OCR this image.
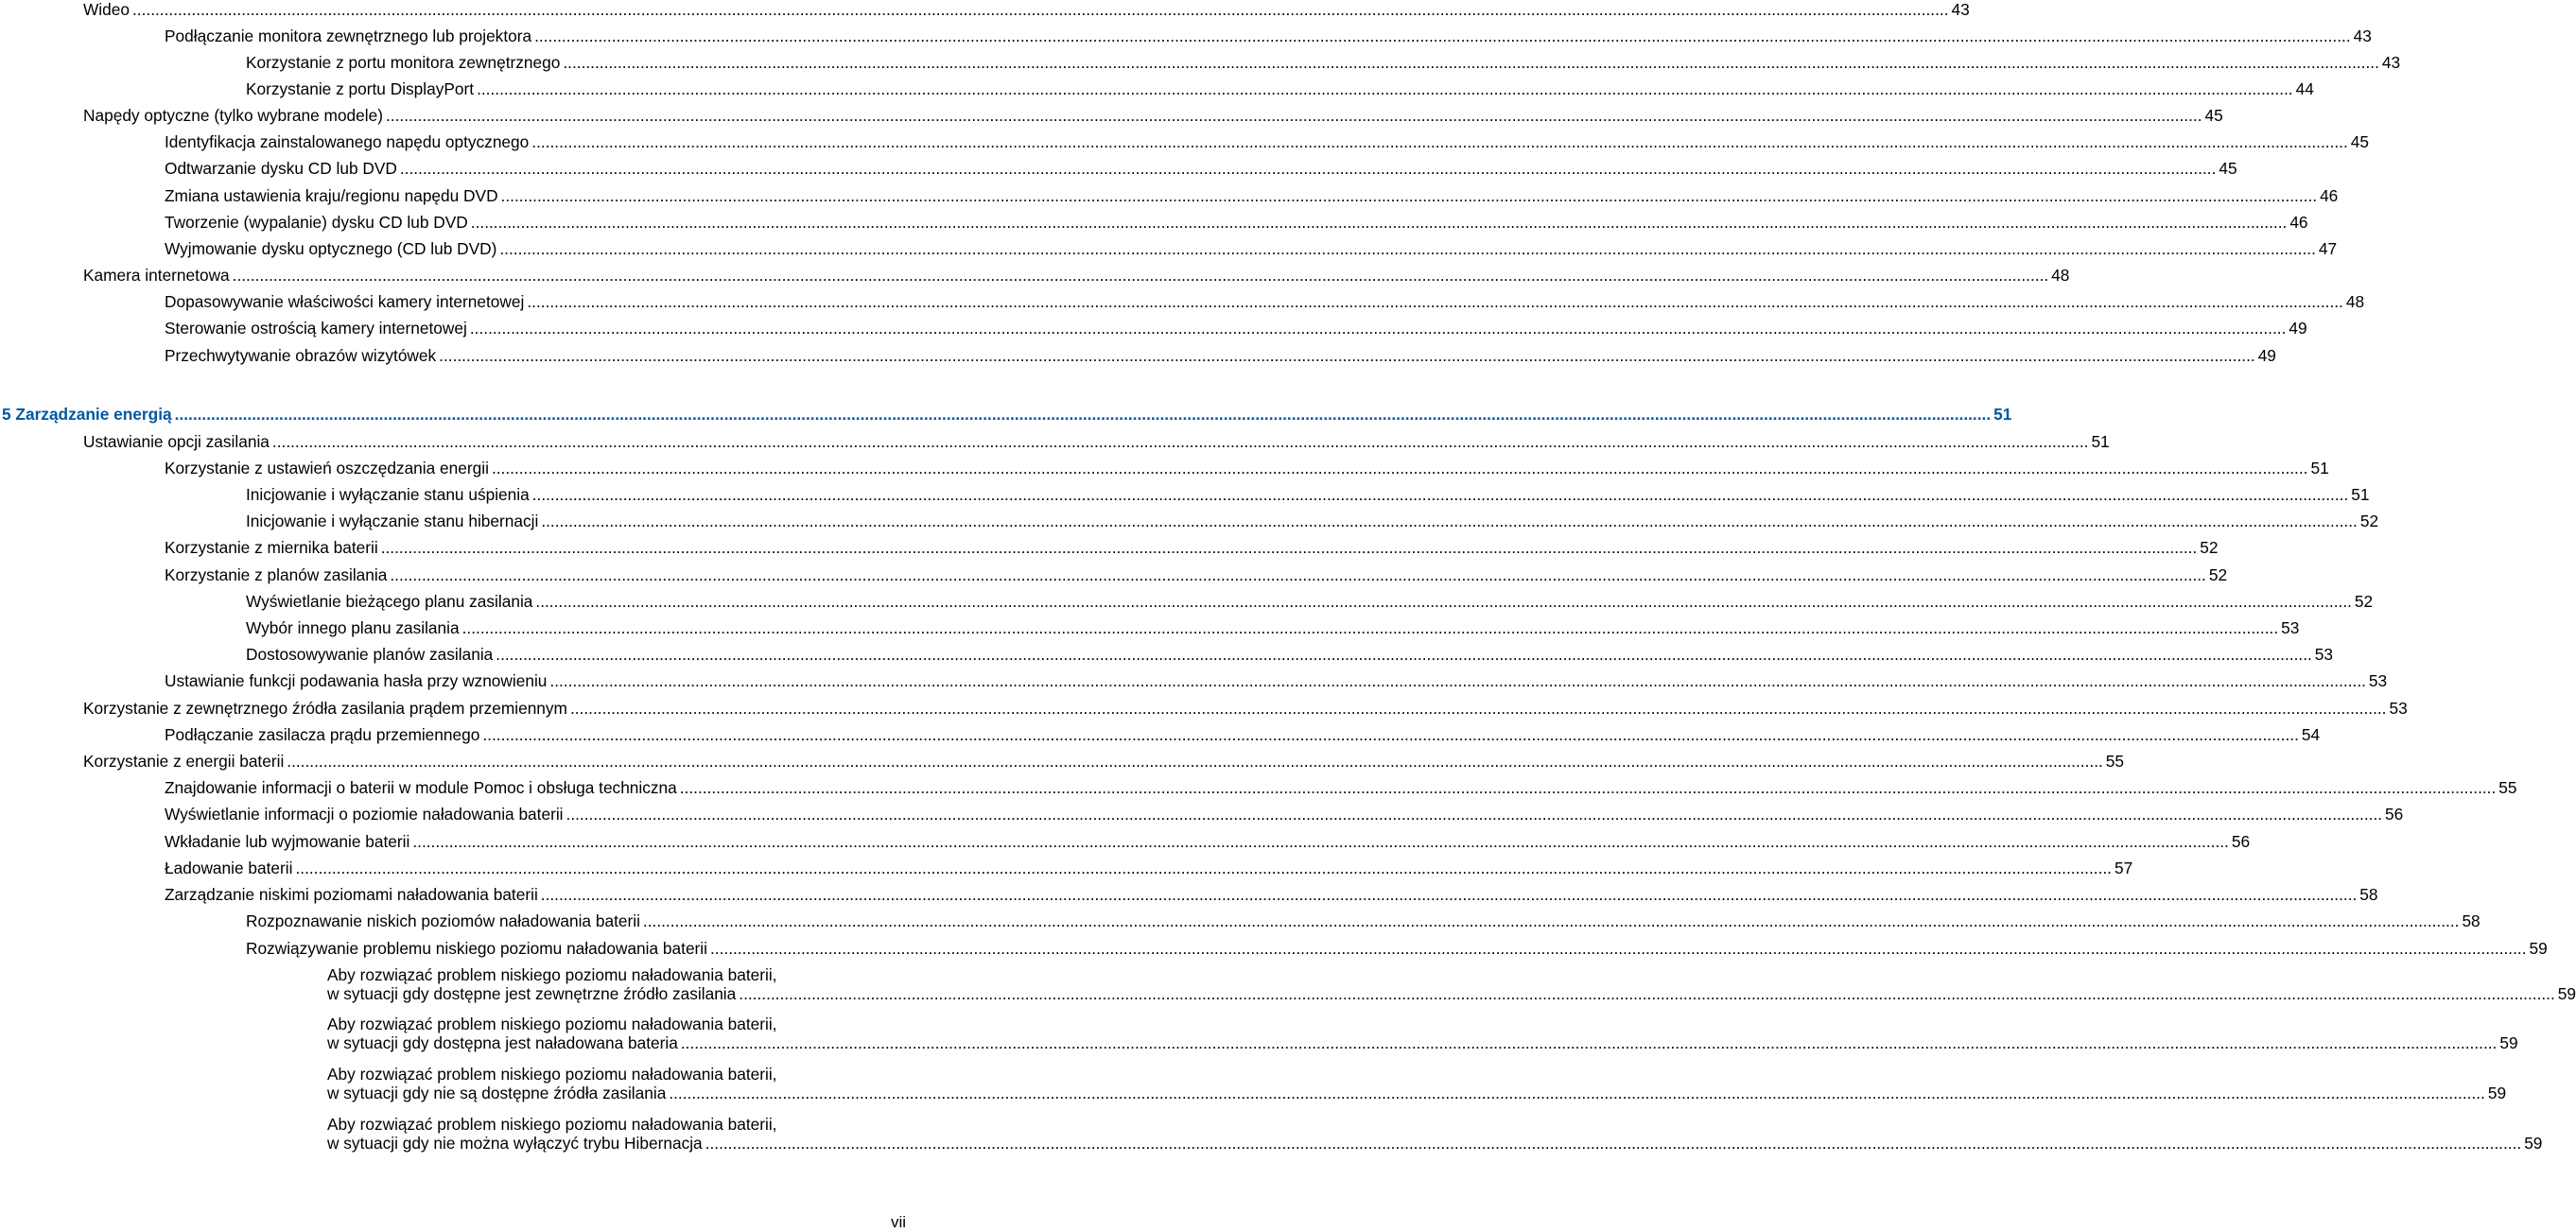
Wideo ................................................................................................................................................................................................................................................................................................................................................................................................................ 43
Podłączanie monitora zewnętrznego lub projektora ................................................................................................................................................................................................................................................................................................................................................................................................................ 43
Korzystanie z portu monitora zewnętrznego ................................................................................................................................................................................................................................................................................................................................................................................................................ 43
Korzystanie z portu DisplayPort ................................................................................................................................................................................................................................................................................................................................................................................................................ 44
Napędy optyczne (tylko wybrane modele) ................................................................................................................................................................................................................................................................................................................................................................................................................ 45
Identyfikacja zainstalowanego napędu optycznego ................................................................................................................................................................................................................................................................................................................................................................................................................ 45
Odtwarzanie dysku CD lub DVD ................................................................................................................................................................................................................................................................................................................................................................................................................ 45
Zmiana ustawienia kraju/regionu napędu DVD ................................................................................................................................................................................................................................................................................................................................................................................................................ 46
Tworzenie (wypalanie) dysku CD lub DVD ................................................................................................................................................................................................................................................................................................................................................................................................................ 46
Wyjmowanie dysku optycznego (CD lub DVD) ................................................................................................................................................................................................................................................................................................................................................................................................................ 47
Kamera internetowa ................................................................................................................................................................................................................................................................................................................................................................................................................ 48
Dopasowywanie właściwości kamery internetowej ................................................................................................................................................................................................................................................................................................................................................................................................................ 48
Sterowanie ostrością kamery internetowej ................................................................................................................................................................................................................................................................................................................................................................................................................ 49
Przechwytywanie obrazów wizytówek ................................................................................................................................................................................................................................................................................................................................................................................................................ 49
5 Zarządzanie energią ................................................................................................................................................................................................................................................................................................................................................................................................................ 51
Ustawianie opcji zasilania ................................................................................................................................................................................................................................................................................................................................................................................................................ 51
Korzystanie z ustawień oszczędzania energii ................................................................................................................................................................................................................................................................................................................................................................................................................ 51
Inicjowanie i wyłączanie stanu uśpienia ................................................................................................................................................................................................................................................................................................................................................................................................................ 51
Inicjowanie i wyłączanie stanu hibernacji ................................................................................................................................................................................................................................................................................................................................................................................................................ 52
Korzystanie z miernika baterii ................................................................................................................................................................................................................................................................................................................................................................................................................ 52
Korzystanie z planów zasilania ................................................................................................................................................................................................................................................................................................................................................................................................................ 52
Wyświetlanie bieżącego planu zasilania ................................................................................................................................................................................................................................................................................................................................................................................................................ 52
Wybór innego planu zasilania ................................................................................................................................................................................................................................................................................................................................................................................................................ 53
Dostosowywanie planów zasilania ................................................................................................................................................................................................................................................................................................................................................................................................................ 53
Ustawianie funkcji podawania hasła przy wznowieniu ................................................................................................................................................................................................................................................................................................................................................................................................................ 53
Korzystanie z zewnętrznego źródła zasilania prądem przemiennym ................................................................................................................................................................................................................................................................................................................................................................................................................ 53
Podłączanie zasilacza prądu przemiennego ................................................................................................................................................................................................................................................................................................................................................................................................................ 54
Korzystanie z energii baterii ................................................................................................................................................................................................................................................................................................................................................................................................................ 55
Znajdowanie informacji o baterii w module Pomoc i obsługa techniczna ................................................................................................................................................................................................................................................................................................................................................................................................................ 55
Wyświetlanie informacji o poziomie naładowania baterii ................................................................................................................................................................................................................................................................................................................................................................................................................ 56
Wkładanie lub wyjmowanie baterii ................................................................................................................................................................................................................................................................................................................................................................................................................ 56
Ładowanie baterii ................................................................................................................................................................................................................................................................................................................................................................................................................ 57
Zarządzanie niskimi poziomami naładowania baterii ................................................................................................................................................................................................................................................................................................................................................................................................................ 58
Rozpoznawanie niskich poziomów naładowania baterii ................................................................................................................................................................................................................................................................................................................................................................................................................ 58
Rozwiązywanie problemu niskiego poziomu naładowania baterii ................................................................................................................................................................................................................................................................................................................................................................................................................ 59
Aby rozwiązać problem niskiego poziomu naładowania baterii,
w sytuacji gdy dostępne jest zewnętrzne źródło zasilania ................................................................................................................................................................................................................................................................................................................................................................................................................ 59
Aby rozwiązać problem niskiego poziomu naładowania baterii,
w sytuacji gdy dostępna jest naładowana bateria ................................................................................................................................................................................................................................................................................................................................................................................................................ 59
Aby rozwiązać problem niskiego poziomu naładowania baterii,
w sytuacji gdy nie są dostępne źródła zasilania ................................................................................................................................................................................................................................................................................................................................................................................................................ 59
Aby rozwiązać problem niskiego poziomu naładowania baterii,
w sytuacji gdy nie można wyłączyć trybu Hibernacja ................................................................................................................................................................................................................................................................................................................................................................................................................ 59
vii
